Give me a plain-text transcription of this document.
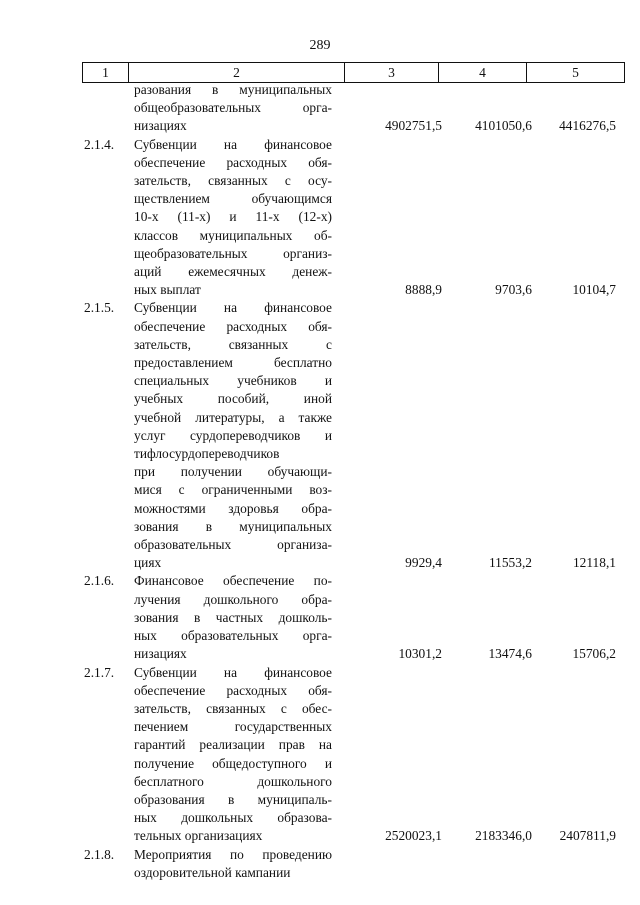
289
1	2	3	4	5
разования в муниципальных
общеобразовательных орга-
низациях	4902751,5 4101050,6 4416276,5
2.1.4.	Субвенции на финансовое
обеспечение расходных обя-
зательств, связанных с осу-
ществлением обучающимся
10-х (11-х) и 11-х (12-х)
классов муниципальных об-
щеобразовательных организ-
аций ежемесячных денеж-
ных выплат	8888,9	9703,6	10104,7
2.1.5.	Субвенции на финансовое
обеспечение расходных обя-
зательств, связанных с
предоставлением бесплатно
специальных учебников и
учебных пособий, иной
учебной литературы, а также
услуг сурдопереводчиков и
тифлосурдопереводчиков
при получении обучающи-
мися с ограниченными воз-
можностями здоровья обра-
зования в муниципальных
образовательных организа-
циях	9929,4	11553,2	12118,1
2.1.6.	Финансовое обеспечение по-
лучения дошкольного обра-
зования в частных дошколь-
ных образовательных орга-
низациях	10301,2	13474,6	15706,2
2.1.7.	Субвенции на финансовое
обеспечение расходных обя-
зательств, связанных с обес-
печением государственных
гарантий реализации прав на
получение общедоступного и
бесплатного дошкольного
образования в муниципаль-
ных дошкольных образова-
тельных организациях	2520023,1 2183346,0 2407811,9
2.1.8.	Мероприятия по проведению
оздоровительной кампании
